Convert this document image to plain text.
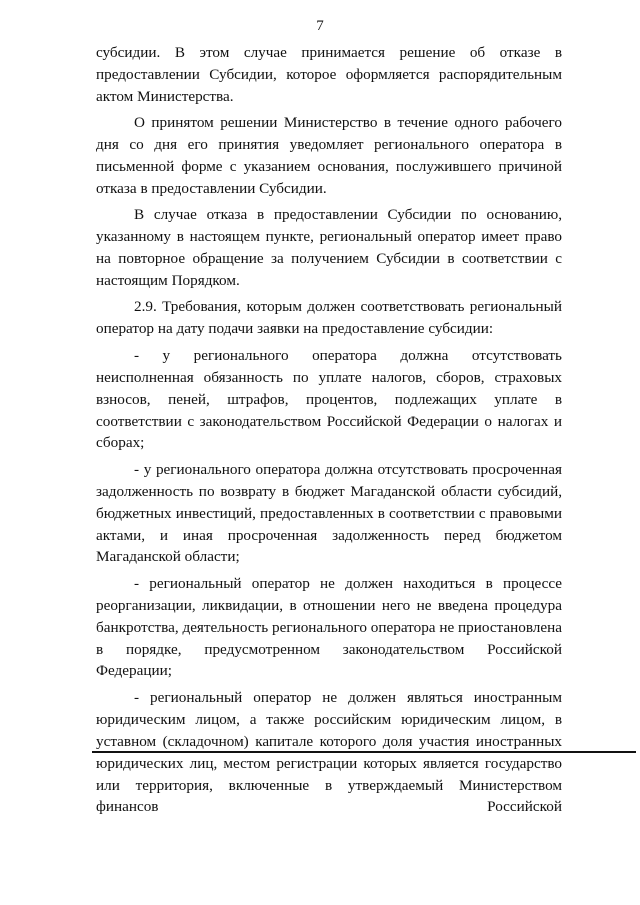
7

субсидии. В этом случае принимается решение об отказе в предоставлении Субсидии, которое оформляется распорядительным актом Министерства.

О принятом решении Министерство в течение одного рабочего дня со дня его принятия уведомляет регионального оператора в письменной форме с указанием основания, послужившего причиной отказа в предоставлении Субсидии.

В случае отказа в предоставлении Субсидии по основанию, указанному в настоящем пункте, региональный оператор имеет право на повторное обращение за получением Субсидии в соответствии с настоящим Порядком.

2.9. Требования, которым должен соответствовать региональный оператор на дату подачи заявки на предоставление субсидии:

- у регионального оператора должна отсутствовать неисполненная обязанность по уплате налогов, сборов, страховых взносов, пеней, штрафов, процентов, подлежащих уплате в соответствии с законодательством Российской Федерации о налогах и сборах;

- у регионального оператора должна отсутствовать просроченная задолженность по возврату в бюджет Магаданской области субсидий, бюджетных инвестиций, предоставленных в соответствии с правовыми актами, и иная просроченная задолженность перед бюджетом Магаданской области;

- региональный оператор не должен находиться в процессе реорганизации, ликвидации, в отношении него не введена процедура банкротства, деятельность регионального оператора не приостановлена в порядке, предусмотренном законодательством Российской Федерации;

- региональный оператор не должен являться иностранным юридическим лицом, а также российским юридическим лицом, в уставном (складочном) капитале которого доля участия иностранных юридических лиц, местом регистрации которых является государство или территория, включенные в утверждаемый Министерством финансов Российской
